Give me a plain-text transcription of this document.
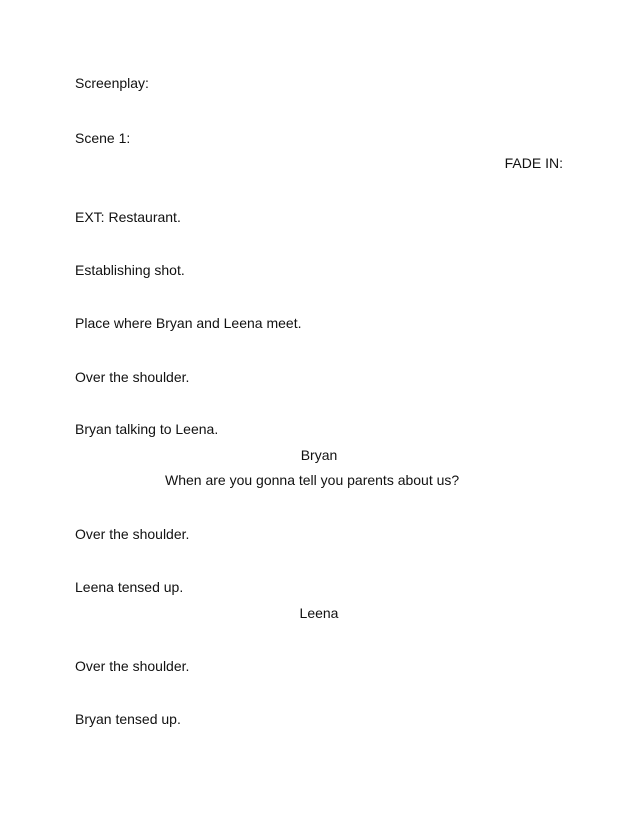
Screenplay:
Scene 1:
FADE IN:
EXT: Restaurant.
Establishing shot.
Place where Bryan and Leena meet.
Over the shoulder.
Bryan talking to Leena.
Bryan
When are you gonna tell you parents about us?
Over the shoulder.
Leena tensed up.
Leena
Over the shoulder.
Bryan tensed up.
